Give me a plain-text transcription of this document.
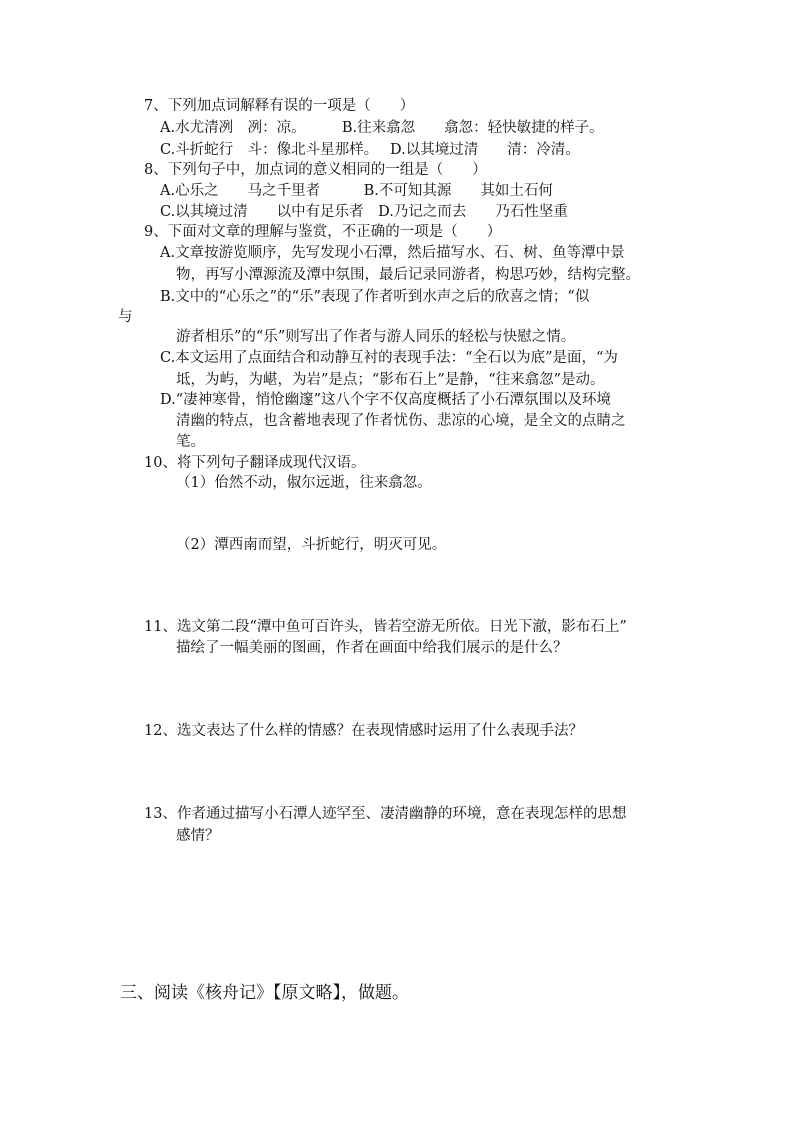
7、下列加点词解释有误的一项是（　　）
A.水尤清冽　冽：凉。　　　B.往来翕忽　　翕忽：轻快敏捷的样子。
C.斗折蛇行　斗：像北斗星那样。　 D.以其境过清　　清：冷清。
8、下列句子中，加点词的意义相同的一组是（　　）
A.心乐之　　马之千里者　　　B.不可知其源　　其如土石何
C.以其境过清　　以中有足乐者　D.乃记之而去　　乃石性坚重
9、下面对文章的理解与鉴赏，不正确的一项是（　　）
A.文章按游览顺序，先写发现小石潭，然后描写水、石、树、鱼等潭中景
物，再写小潭源流及潭中氛围，最后记录同游者，构思巧妙，结构完整。
B.文中的“心乐之”的“乐”表现了作者听到水声之后的欣喜之情；“似
与
游者相乐”的“乐”则写出了作者与游人同乐的轻松与快慰之情。
C.本文运用了点面结合和动静互衬的表现手法：“全石以为底”是面，“为
坻，为屿，为嵁，为岩”是点；“影布石上”是静，“往来翕忽”是动。
D.“凄神寒骨，悄怆幽邃”这八个字不仅高度概括了小石潭氛围以及环境
清幽的特点，也含蓄地表现了作者忧伤、悲凉的心境，是全文的点睛之
笔。
10、将下列句子翻译成现代汉语。
（1）佁然不动，俶尔远逝，往来翕忽。
（2）潭西南而望，斗折蛇行，明灭可见。
11、选文第二段“潭中鱼可百许头，皆若空游无所依。日光下澈，影布石上”
描绘了一幅美丽的图画，作者在画面中给我们展示的是什么？
12、选文表达了什么样的情感？在表现情感时运用了什么表现手法？
13、作者通过描写小石潭人迹罕至、凄清幽静的环境，意在表现怎样的思想
感情？
三、阅读《核舟记》【原文略】，做题。
